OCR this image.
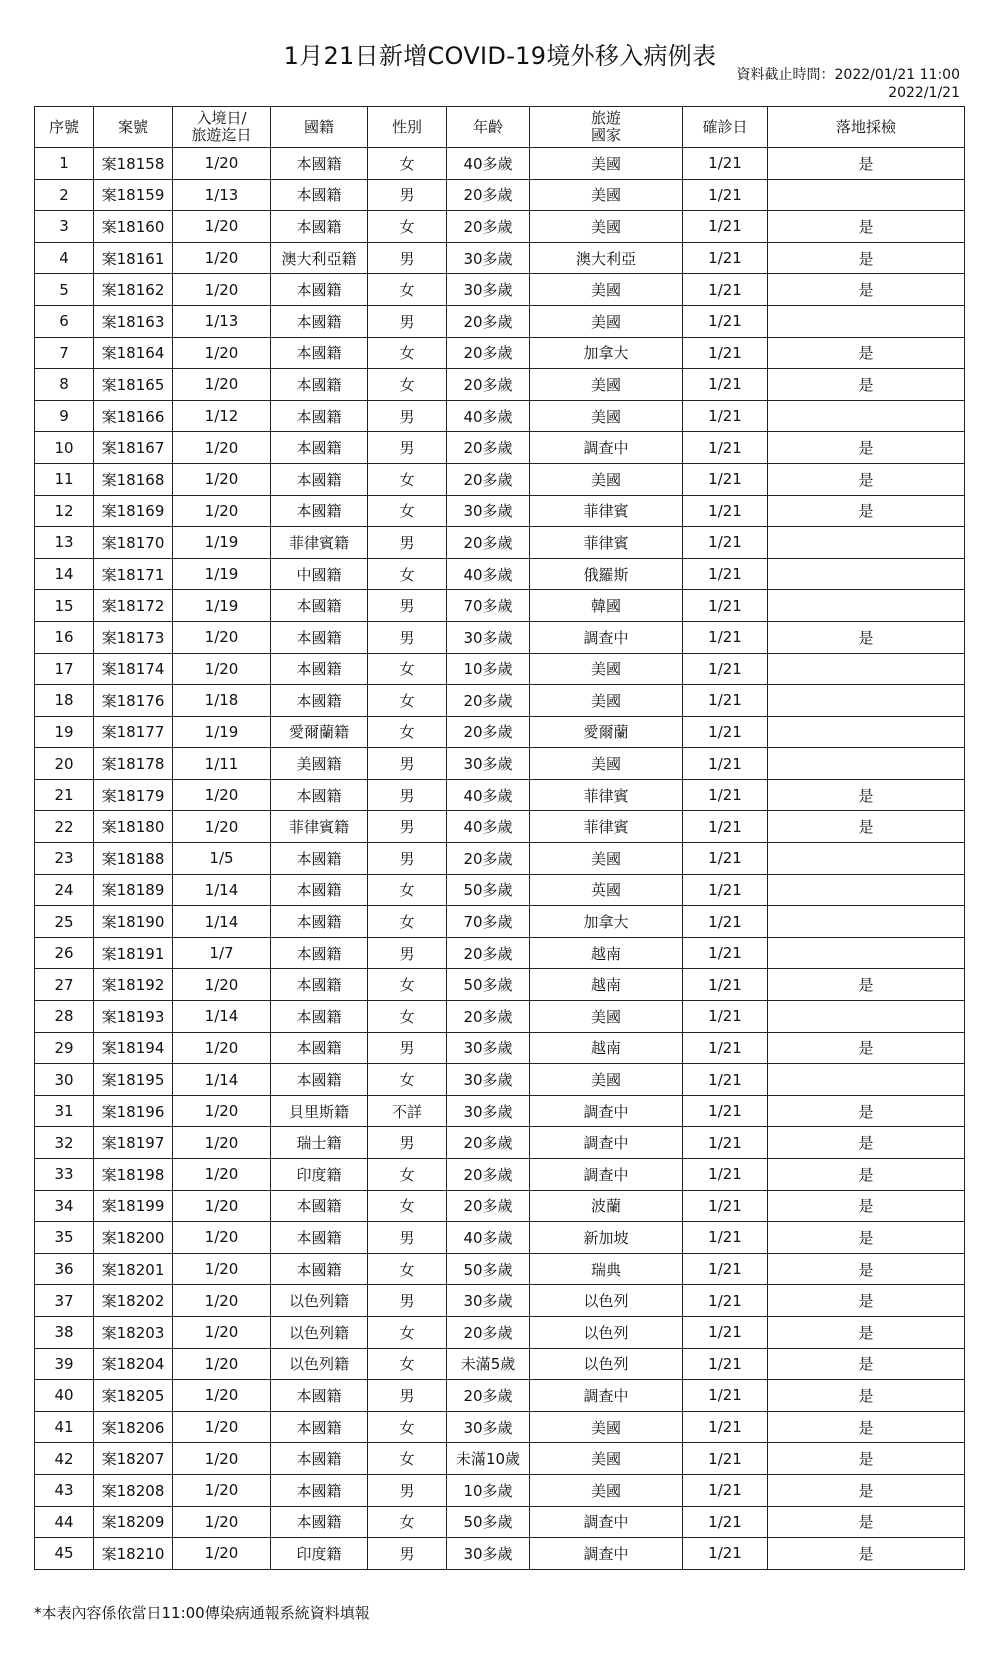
1月21日新增COVID-19境外移入病例表
資料截止時間：2022/01/21 11:00
2022/1/21
序號	案號	入境日/
旅遊迄日	國籍	性別	年齡	旅遊
國家	確診日	落地採檢
1	案18158	1/20	本國籍	女	40多歲	美國	1/21	是
2	案18159	1/13	本國籍	男	20多歲	美國	1/21	
3	案18160	1/20	本國籍	女	20多歲	美國	1/21	是
4	案18161	1/20	澳大利亞籍	男	30多歲	澳大利亞	1/21	是
5	案18162	1/20	本國籍	女	30多歲	美國	1/21	是
6	案18163	1/13	本國籍	男	20多歲	美國	1/21	
7	案18164	1/20	本國籍	女	20多歲	加拿大	1/21	是
8	案18165	1/20	本國籍	女	20多歲	美國	1/21	是
9	案18166	1/12	本國籍	男	40多歲	美國	1/21	
10	案18167	1/20	本國籍	男	20多歲	調查中	1/21	是
11	案18168	1/20	本國籍	女	20多歲	美國	1/21	是
12	案18169	1/20	本國籍	女	30多歲	菲律賓	1/21	是
13	案18170	1/19	菲律賓籍	男	20多歲	菲律賓	1/21	
14	案18171	1/19	中國籍	女	40多歲	俄羅斯	1/21	
15	案18172	1/19	本國籍	男	70多歲	韓國	1/21	
16	案18173	1/20	本國籍	男	30多歲	調查中	1/21	是
17	案18174	1/20	本國籍	女	10多歲	美國	1/21	
18	案18176	1/18	本國籍	女	20多歲	美國	1/21	
19	案18177	1/19	愛爾蘭籍	女	20多歲	愛爾蘭	1/21	
20	案18178	1/11	美國籍	男	30多歲	美國	1/21	
21	案18179	1/20	本國籍	男	40多歲	菲律賓	1/21	是
22	案18180	1/20	菲律賓籍	男	40多歲	菲律賓	1/21	是
23	案18188	1/5	本國籍	男	20多歲	美國	1/21	
24	案18189	1/14	本國籍	女	50多歲	英國	1/21	
25	案18190	1/14	本國籍	女	70多歲	加拿大	1/21	
26	案18191	1/7	本國籍	男	20多歲	越南	1/21	
27	案18192	1/20	本國籍	女	50多歲	越南	1/21	是
28	案18193	1/14	本國籍	女	20多歲	美國	1/21	
29	案18194	1/20	本國籍	男	30多歲	越南	1/21	是
30	案18195	1/14	本國籍	女	30多歲	美國	1/21	
31	案18196	1/20	貝里斯籍	不詳	30多歲	調查中	1/21	是
32	案18197	1/20	瑞士籍	男	20多歲	調查中	1/21	是
33	案18198	1/20	印度籍	女	20多歲	調查中	1/21	是
34	案18199	1/20	本國籍	女	20多歲	波蘭	1/21	是
35	案18200	1/20	本國籍	男	40多歲	新加坡	1/21	是
36	案18201	1/20	本國籍	女	50多歲	瑞典	1/21	是
37	案18202	1/20	以色列籍	男	30多歲	以色列	1/21	是
38	案18203	1/20	以色列籍	女	20多歲	以色列	1/21	是
39	案18204	1/20	以色列籍	女	未滿5歲	以色列	1/21	是
40	案18205	1/20	本國籍	男	20多歲	調查中	1/21	是
41	案18206	1/20	本國籍	女	30多歲	美國	1/21	是
42	案18207	1/20	本國籍	女	未滿10歲	美國	1/21	是
43	案18208	1/20	本國籍	男	10多歲	美國	1/21	是
44	案18209	1/20	本國籍	女	50多歲	調查中	1/21	是
45	案18210	1/20	印度籍	男	30多歲	調查中	1/21	是
*本表內容係依當日11:00傳染病通報系統資料填報
